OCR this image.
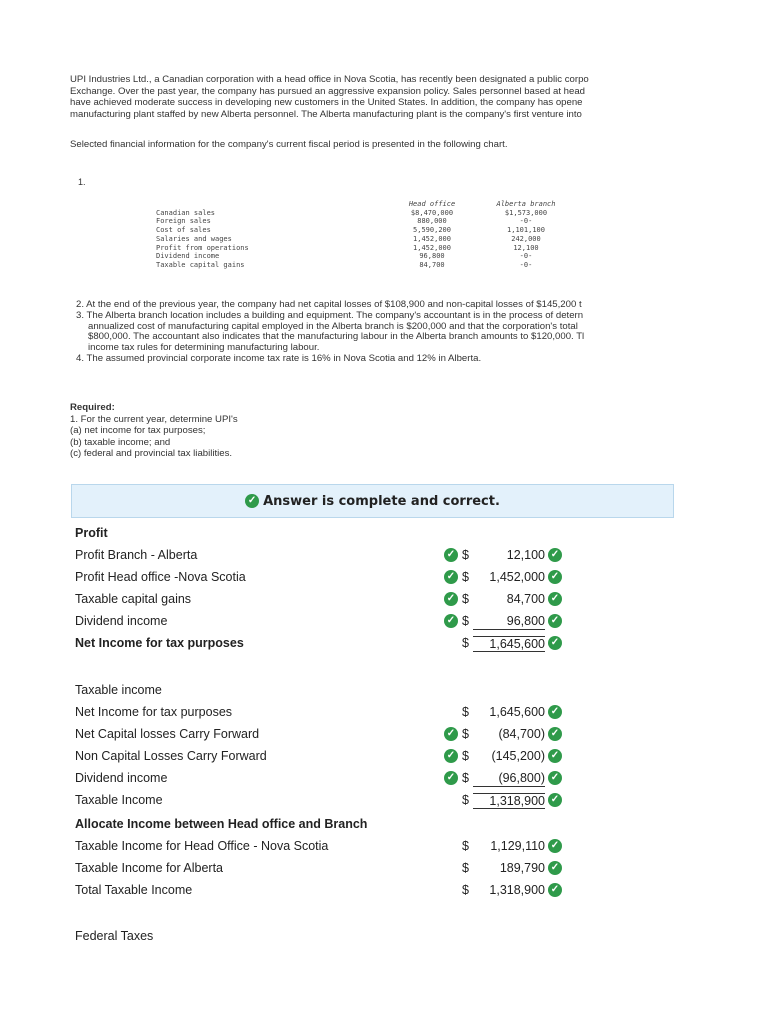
UPI Industries Ltd., a Canadian corporation with a head office in Nova Scotia, has recently been designated a public corpo
Exchange. Over the past year, the company has pursued an aggressive expansion policy. Sales personnel based at head
have achieved moderate success in developing new customers in the United States. In addition, the company has opene
manufacturing plant staffed by new Alberta personnel. The Alberta manufacturing plant is the company's first venture into
Selected financial information for the company's current fiscal period is presented in the following chart.
1.
	Head office	Alberta branch
Canadian sales	$8,470,000	$1,573,000
Foreign sales	880,000	-0-
Cost of sales	5,590,200	1,101,100
Salaries and wages	1,452,000	242,000
Profit from operations	1,452,000	12,100
Dividend income	96,800	-0-
Taxable capital gains	84,700	-0-
2. At the end of the previous year, the company had net capital losses of $108,900 and non-capital losses of $145,200 t
3. The Alberta branch location includes a building and equipment. The company's accountant is in the process of detern
annualized cost of manufacturing capital employed in the Alberta branch is $200,000 and that the corporation's total
$800,000. The accountant also indicates that the manufacturing labour in the Alberta branch amounts to $120,000. Tl
income tax rules for determining manufacturing labour.
4. The assumed provincial corporate income tax rate is 16% in Nova Scotia and 12% in Alberta.
Required:
1. For the current year, determine UPI's
(a) net income for tax purposes;
(b) taxable income; and
(c) federal and provincial tax liabilities.
✓ Answer is complete and correct.
Profit
Profit Branch - Alberta	✓ $	12,100 ✓
Profit Head office -Nova Scotia	✓ $	1,452,000 ✓
Taxable capital gains	✓ $	84,700 ✓
Dividend income	✓ $	96,800 ✓
Net Income for tax purposes	$	1,645,600 ✓
Taxable income
Net Income for tax purposes	$	1,645,600 ✓
Net Capital losses Carry Forward	✓ $	(84,700) ✓
Non Capital Losses Carry Forward	✓ $	(145,200) ✓
Dividend income	✓ $	(96,800) ✓
Taxable Income	$	1,318,900 ✓
Allocate Income between Head office and Branch
Taxable Income for Head Office - Nova Scotia	$	1,129,110 ✓
Taxable Income for Alberta	$	189,790 ✓
Total Taxable Income	$	1,318,900 ✓
Federal Taxes
